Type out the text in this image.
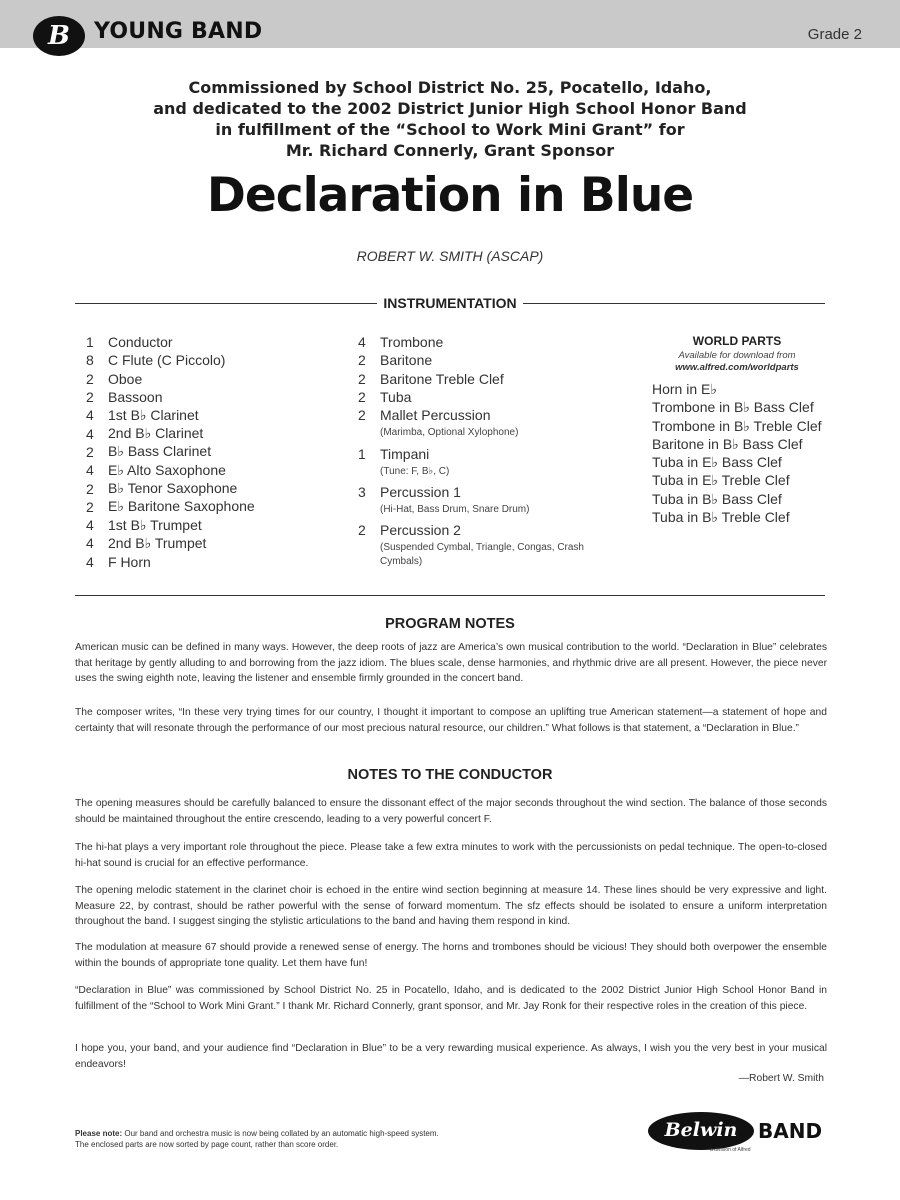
B	YOUNG BAND	Grade 2
Commissioned by School District No. 25, Pocatello, Idaho,
and dedicated to the 2002 District Junior High School Honor Band
in fulfillment of the “School to Work Mini Grant” for
Mr. Richard Connerly, Grant Sponsor
Declaration in Blue
ROBERT W. SMITH (ASCAP)
INSTRUMENTATION
1	Conductor
8	C Flute (C Piccolo)
2	Oboe
2	Bassoon
4	1st B♭ Clarinet
4	2nd B♭ Clarinet
2	B♭ Bass Clarinet
4	E♭ Alto Saxophone
2	B♭ Tenor Saxophone
2	E♭ Baritone Saxophone
4	1st B♭ Trumpet
4	2nd B♭ Trumpet
4	F Horn
4	Trombone
2	Baritone
2	Baritone Treble Clef
2	Tuba
2	Mallet Percussion
(Marimba, Optional Xylophone)
1	Timpani
(Tune: F, B♭, C)
3	Percussion 1
(Hi-Hat, Bass Drum, Snare Drum)
2	Percussion 2
(Suspended Cymbal, Triangle, Congas, Crash Cymbals)
WORLD PARTS
Available for download from
www.alfred.com/worldparts
Horn in E♭
Trombone in B♭ Bass Clef
Trombone in B♭ Treble Clef
Baritone in B♭ Bass Clef
Tuba in E♭ Bass Clef
Tuba in E♭ Treble Clef
Tuba in B♭ Bass Clef
Tuba in B♭ Treble Clef
PROGRAM NOTES
American music can be defined in many ways. However, the deep roots of jazz are America’s own musical contribution to the world. “Declaration in Blue” celebrates that heritage by gently alluding to and borrowing from the jazz idiom. The blues scale, dense harmonies, and rhythmic drive are all present. However, the piece never uses the swing eighth note, leaving the listener and ensemble firmly grounded in the concert band.
The composer writes, “In these very trying times for our country, I thought it important to compose an uplifting true American statement—a statement of hope and certainty that will resonate through the performance of our most precious natural resource, our children.” What follows is that statement, a “Declaration in Blue.”
NOTES TO THE CONDUCTOR
The opening measures should be carefully balanced to ensure the dissonant effect of the major seconds throughout the wind section. The balance of those seconds should be maintained throughout the entire crescendo, leading to a very powerful concert F.
The hi-hat plays a very important role throughout the piece. Please take a few extra minutes to work with the percussionists on pedal technique. The open-to-closed hi-hat sound is crucial for an effective performance.
The opening melodic statement in the clarinet choir is echoed in the entire wind section beginning at measure 14. These lines should be very expressive and light. Measure 22, by contrast, should be rather powerful with the sense of forward momentum. The sfz effects should be isolated to ensure a uniform interpretation throughout the band. I suggest singing the stylistic articulations to the band and having them respond in kind.
The modulation at measure 67 should provide a renewed sense of energy. The horns and trombones should be vicious! They should both overpower the ensemble within the bounds of appropriate tone quality. Let them have fun!
“Declaration in Blue” was commissioned by School District No. 25 in Pocatello, Idaho, and is dedicated to the 2002 District Junior High School Honor Band in fulfillment of the “School to Work Mini Grant.” I thank Mr. Richard Connerly, grant sponsor, and Mr. Jay Ronk for their respective roles in the creation of this piece.
I hope you, your band, and your audience find “Declaration in Blue” to be a very rewarding musical experience. As always, I wish you the very best in your musical endeavors!
—Robert W. Smith
Please note: Our band and orchestra music is now being collated by an automatic high-speed system.
The enclosed parts are now sorted by page count, rather than score order.
Belwin	BAND
a division of Alfred
